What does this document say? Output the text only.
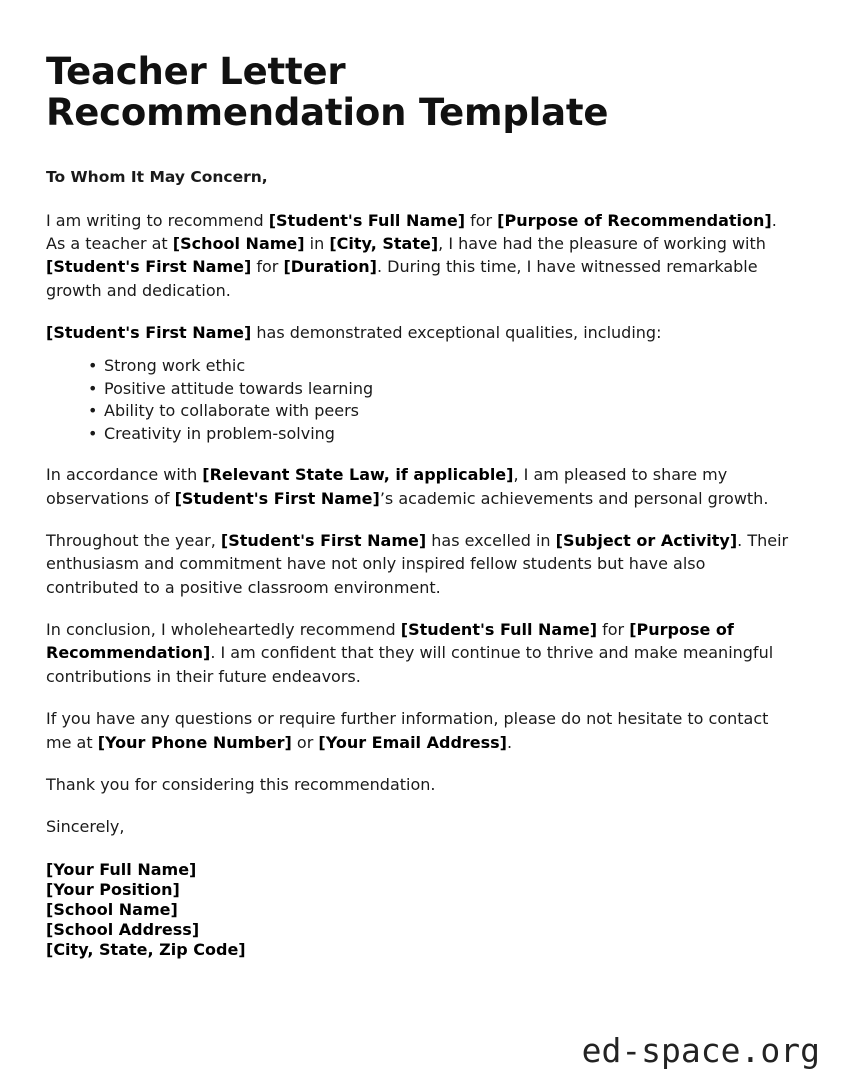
Teacher Letter Recommendation Template

To Whom It May Concern,

I am writing to recommend [Student's Full Name] for [Purpose of Recommendation]. As a teacher at [School Name] in [City, State], I have had the pleasure of working with [Student's First Name] for [Duration]. During this time, I have witnessed remarkable growth and dedication.

[Student's First Name] has demonstrated exceptional qualities, including:

• Strong work ethic
• Positive attitude towards learning
• Ability to collaborate with peers
• Creativity in problem-solving

In accordance with [Relevant State Law, if applicable], I am pleased to share my observations of [Student's First Name]’s academic achievements and personal growth.

Throughout the year, [Student's First Name] has excelled in [Subject or Activity]. Their enthusiasm and commitment have not only inspired fellow students but have also contributed to a positive classroom environment.

In conclusion, I wholeheartedly recommend [Student's Full Name] for [Purpose of Recommendation]. I am confident that they will continue to thrive and make meaningful contributions in their future endeavors.

If you have any questions or require further information, please do not hesitate to contact me at [Your Phone Number] or [Your Email Address].

Thank you for considering this recommendation.

Sincerely,

[Your Full Name]
[Your Position]
[School Name]
[School Address]
[City, State, Zip Code]
ed-space.org
